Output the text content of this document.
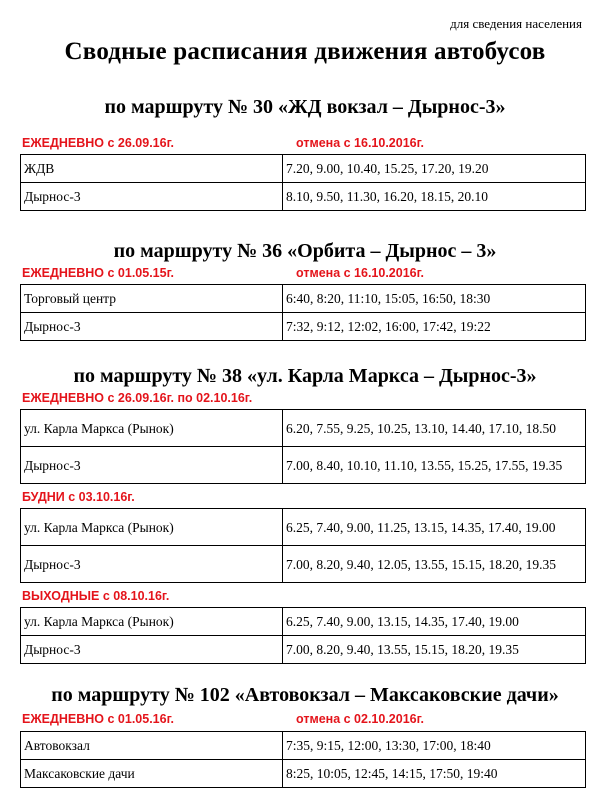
для сведения населения
Сводные расписания движения автобусов
по маршруту № 30 «ЖД вокзал – Дырнос-3»
ЕЖЕДНЕВНО с 26.09.16г.	отмена с 16.10.2016г.
ЖДВ	7.20, 9.00, 10.40, 15.25, 17.20, 19.20
Дырнос-3	8.10, 9.50, 11.30, 16.20, 18.15, 20.10
по маршруту № 36 «Орбита – Дырнос – 3»
ЕЖЕДНЕВНО с 01.05.15г.	отмена с 16.10.2016г.
Торговый центр	6:40, 8:20, 11:10, 15:05, 16:50, 18:30
Дырнос-3	7:32, 9:12, 12:02, 16:00, 17:42, 19:22
по маршруту № 38 «ул. Карла Маркса – Дырнос-3»
ЕЖЕДНЕВНО с 26.09.16г. по 02.10.16г.
ул. Карла Маркса (Рынок)	6.20, 7.55, 9.25, 10.25, 13.10, 14.40, 17.10, 18.50
Дырнос-3	7.00, 8.40, 10.10, 11.10, 13.55, 15.25, 17.55, 19.35
БУДНИ с 03.10.16г.
ул. Карла Маркса (Рынок)	6.25, 7.40, 9.00, 11.25, 13.15, 14.35, 17.40, 19.00
Дырнос-3	7.00, 8.20, 9.40, 12.05, 13.55, 15.15, 18.20, 19.35
ВЫХОДНЫЕ с 08.10.16г.
ул. Карла Маркса (Рынок)	6.25, 7.40, 9.00, 13.15, 14.35, 17.40, 19.00
Дырнос-3	7.00, 8.20, 9.40, 13.55, 15.15, 18.20, 19.35
по маршруту № 102 «Автовокзал – Максаковские дачи»
ЕЖЕДНЕВНО с 01.05.16г.	отмена с 02.10.2016г.
Автовокзал	7:35, 9:15, 12:00, 13:30, 17:00, 18:40
Максаковские дачи	8:25, 10:05, 12:45, 14:15, 17:50, 19:40
